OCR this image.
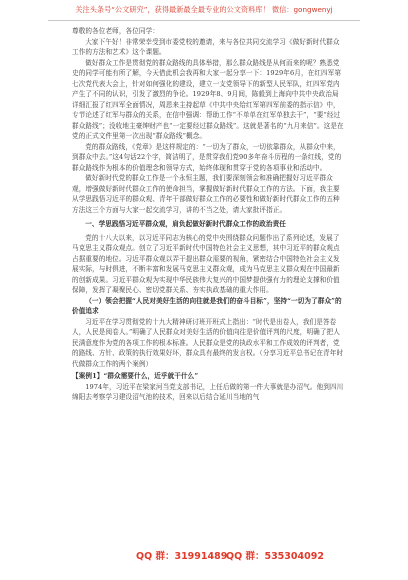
关注头条号“公文研究”，获得最新最全最专业的公文资料库！ 微信：gongwenyj

尊敬的各位老师，各位同学：

大家下午好！非常荣幸受到市委党校的邀请，来与各位共同交流学习《做好新时代群众工作的方法和艺术》这个课题。

做好群众工作是贯彻党的群众路线的具体举措，那么群众路线是从何而来的呢？熟悉党史的同学可能有所了解，今天借此机会我再和大家一起分享一下：1929年6月，在红四军第七次党代表大会上，针对如何强化的建设，建立一支党领导下的新型人民军队，红四军党内产生了不同的认识，引发了激烈的争论。1929年8、9月间，陈毅到上海向中共中央政治局详细汇报了红四军全面情况，周恩来主持起草《中共中央给红军第四军前委的指示信》中，专节论述了红军与群众的关系，在信中强调：帮助工作“不单单在红军单独去干”，“要“经过群众路线”；没收地主豪绅财产也“一定要经过群众路线”。这就是著名的“九月来信”。这是在党的正式文件里第一次出现“群众路线”概念。

党的群众路线，《党章》是这样规定的：“一切为了群众，一切依靠群众，从群众中来，到群众中去。”这4句话22个字，简洁明了，是贯穿我们党90多年奋斗历程的一条红线，党的群众路线作为根本的价值理念和领导方式，始终体现和贯穿于党的各项事业和活动中。

做好新时代党的群众工作是一个永恒主题，我们要深刻领会和准确把握好习近平群众观，增强做好新时代群众工作的使命担当，掌握做好新时代群众工作的方法。下面，我主要从学思践悟习近平的群众观、青年干部做好群众工作的必要性和做好新时代群众工作的五种方法这三个方面与大家一起交流学习，讲的不当之处，请大家批评指正。

一、学思践悟习近平群众观，肩负起做好新时代群众工作的政治责任

党的十八大以来，以习近平同志为核心的党中央围绕群众问题作出了系列论述，发展了马克思主义群众观点。创立了习近平新时代中国特色社会主义思想，其中习近平的群众观点占据重要的地位。习近平群众观以弄干提出群众需要的视角，紧密结合中国特色社会主义发展实际，与时俱进，不断丰富和发展马克思主义群众观，成为马克思主义群众观在中国最新的创新成果。习近平群众观为实现中华民族伟大复兴的中国梦提供强有力的理论支撑和价值保障，发挥了凝聚民心、密切党群关系、夯实执政基础的重大作用。

（一）领会把握“人民对美好生活的向往就是我们的奋斗目标”，坚持“一切为了群众”的价值追求

习近平在学习贯彻党的十九大精神研讨班开班式上指出：“时代是出卷人，我们是答卷人，人民是阅卷人。”明确了人民群众对美好生活的价值向往是价值评判的尺度，明确了把人民满意度作为党的各项工作的根本标准。人民群众是党的执政水平和工作成效的评判者，党的路线、方针、政策的执行效果好坏，群众具有最终的发言权。（分享习近平总书记在青年时代做群众工作的两个案例）

【案例1】“群众需要什么，近乎就干什么”

1974年，习近平在梁家河当党支部书记，上任后做的第一件大事就是办沼气。他到四川绵阳去考察学习建设沼气池的技术，回来以后结合延川当地的气

QQ 群：31991489
QQ 群：535304092
